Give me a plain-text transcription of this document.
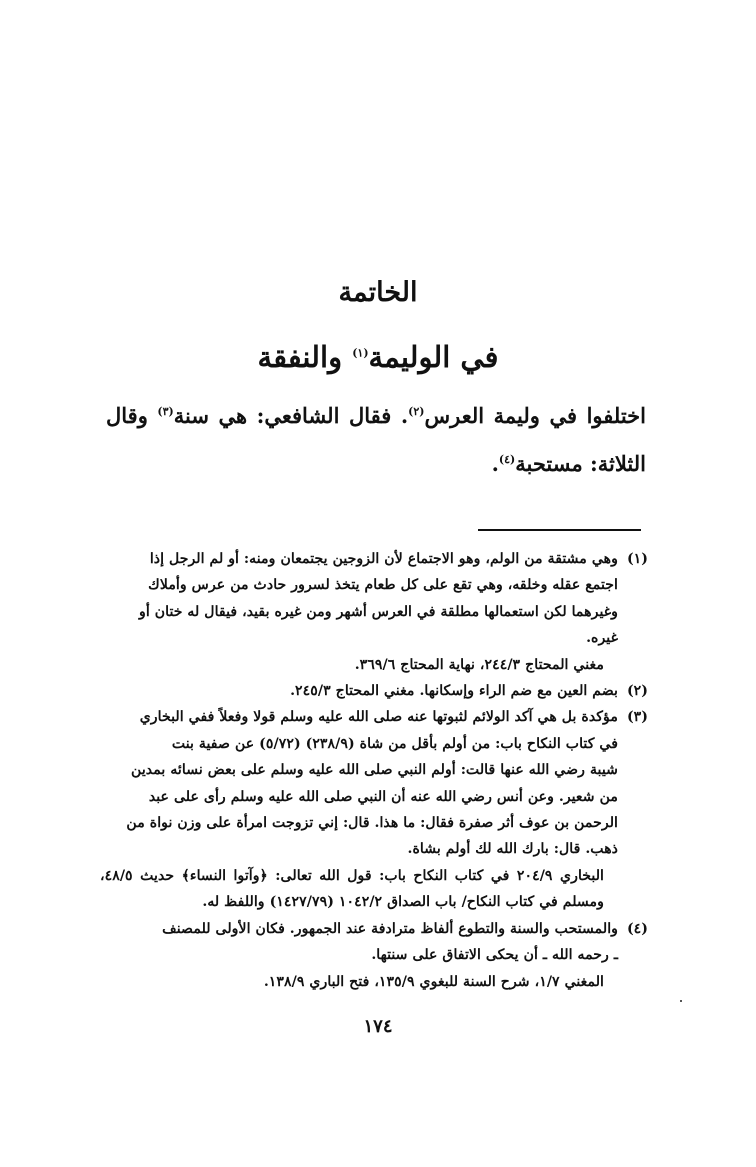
الخاتمة
في الوليمة$^{(١)}$ والنفقة
اختلفوا في وليمة العرس$^{(٢)}$. فقال الشافعي: هي سنة$^{(٣)}$ وقال الثلاثة: مستحبة$^{(٤)}$.
(١)
وهي مشتقة من الولم، وهو الاجتماع لأن الزوجين يجتمعان ومنه: أو لم الرجل إذا
اجتمع عقله وخلقه، وهي تقع على كل طعام يتخذ لسرور حادث من عرس وأملاك
وغيرهما لكن استعمالها مطلقة في العرس أشهر ومن غيره بقيد، فيقال له ختان أو
غيره.
مغني المحتاج ٢٤٤/٣، نهاية المحتاج ٣٦٩/٦.
(٢)
بضم العين مع ضم الراء وإسكانها. مغني المحتاج ٢٤٥/٣.
(٣)
مؤكدة بل هي آكد الولائم لثبوتها عنه صلى الله عليه وسلم قولا وفعلاً ففي البخاري
في كتاب النكاح باب: من أولم بأقل من شاة (٢٣٨/٩) (٥/٧٢) عن صفية بنت
شيبة رضي الله عنها قالت: أولم النبي صلى الله عليه وسلم على بعض نسائه بمدين
من شعير. وعن أنس رضي الله عنه أن النبي صلى الله عليه وسلم رأى على عبد
الرحمن بن عوف أثر صفرة فقال: ما هذا. قال: إني تزوجت امرأة على وزن نواة من
ذهب. قال: بارك الله لك أولم بشاة.
البخاري ٢٠٤/٩ في كتاب النكاح باب: قول الله تعالى: ﴿وآتوا النساء﴾ حديث ٤٨/٥، ومسلم في كتاب النكاح/ باب الصداق ١٠٤٢/٢ (١٤٢٧/٧٩) واللفظ له.
(٤)
والمستحب والسنة والتطوع ألفاظ مترادفة عند الجمهور. فكان الأولى للمصنف
ـ رحمه الله ـ أن يحكى الاتفاق على سنتها.
المغني ١/٧، شرح السنة للبغوي ١٣٥/٩، فتح الباري ١٣٨/٩.
١٧٤
